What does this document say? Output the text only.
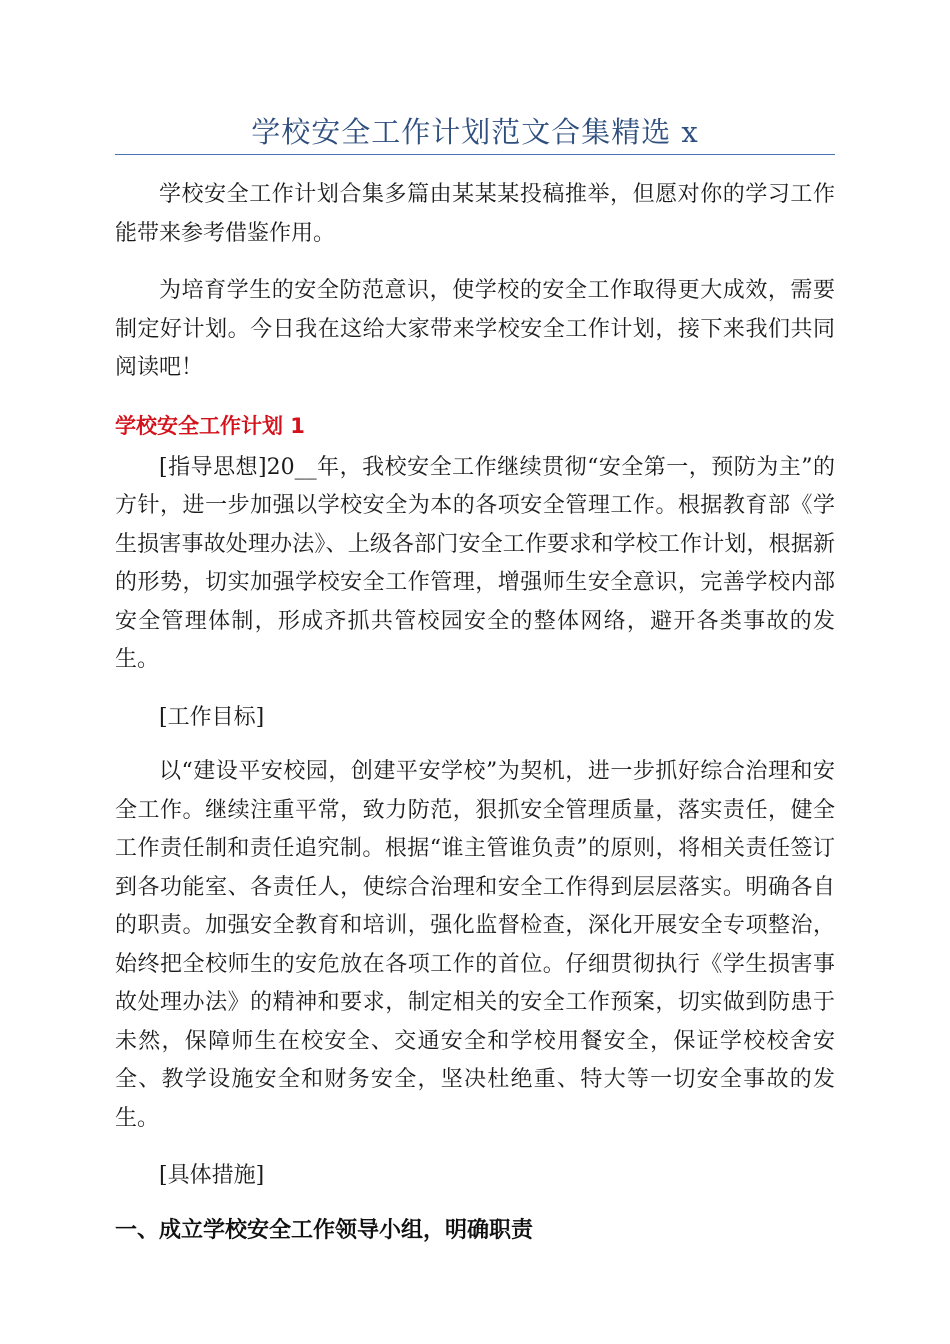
学校安全工作计划范文合集精选 x

学校安全工作计划合集多篇由某某某投稿推举，但愿对你的学习工作能带来参考借鉴作用。

为培育学生的安全防范意识，使学校的安全工作取得更大成效，需要制定好计划。今日我在这给大家带来学校安全工作计划，接下来我们共同阅读吧！

学校安全工作计划 1

[指导思想]20__年，我校安全工作继续贯彻“安全第一，预防为主”的方针，进一步加强以学校安全为本的各项安全管理工作。根据教育部《学生损害事故处理办法》、上级各部门安全工作要求和学校工作计划，根据新的形势，切实加强学校安全工作管理，增强师生安全意识，完善学校内部安全管理体制，形成齐抓共管校园安全的整体网络，避开各类事故的发生。

[工作目标]

以“建设平安校园，创建平安学校”为契机，进一步抓好综合治理和安全工作。继续注重平常，致力防范，狠抓安全管理质量，落实责任，健全工作责任制和责任追究制。根据“谁主管谁负责”的原则，将相关责任签订到各功能室、各责任人，使综合治理和安全工作得到层层落实。明确各自的职责。加强安全教育和培训，强化监督检查，深化开展安全专项整治，始终把全校师生的安危放在各项工作的首位。仔细贯彻执行《学生损害事故处理办法》的精神和要求，制定相关的安全工作预案，切实做到防患于未然，保障师生在校安全、交通安全和学校用餐安全，保证学校校舍安全、教学设施安全和财务安全，坚决杜绝重、特大等一切安全事故的发生。

[具体措施]

一、成立学校安全工作领导小组，明确职责
